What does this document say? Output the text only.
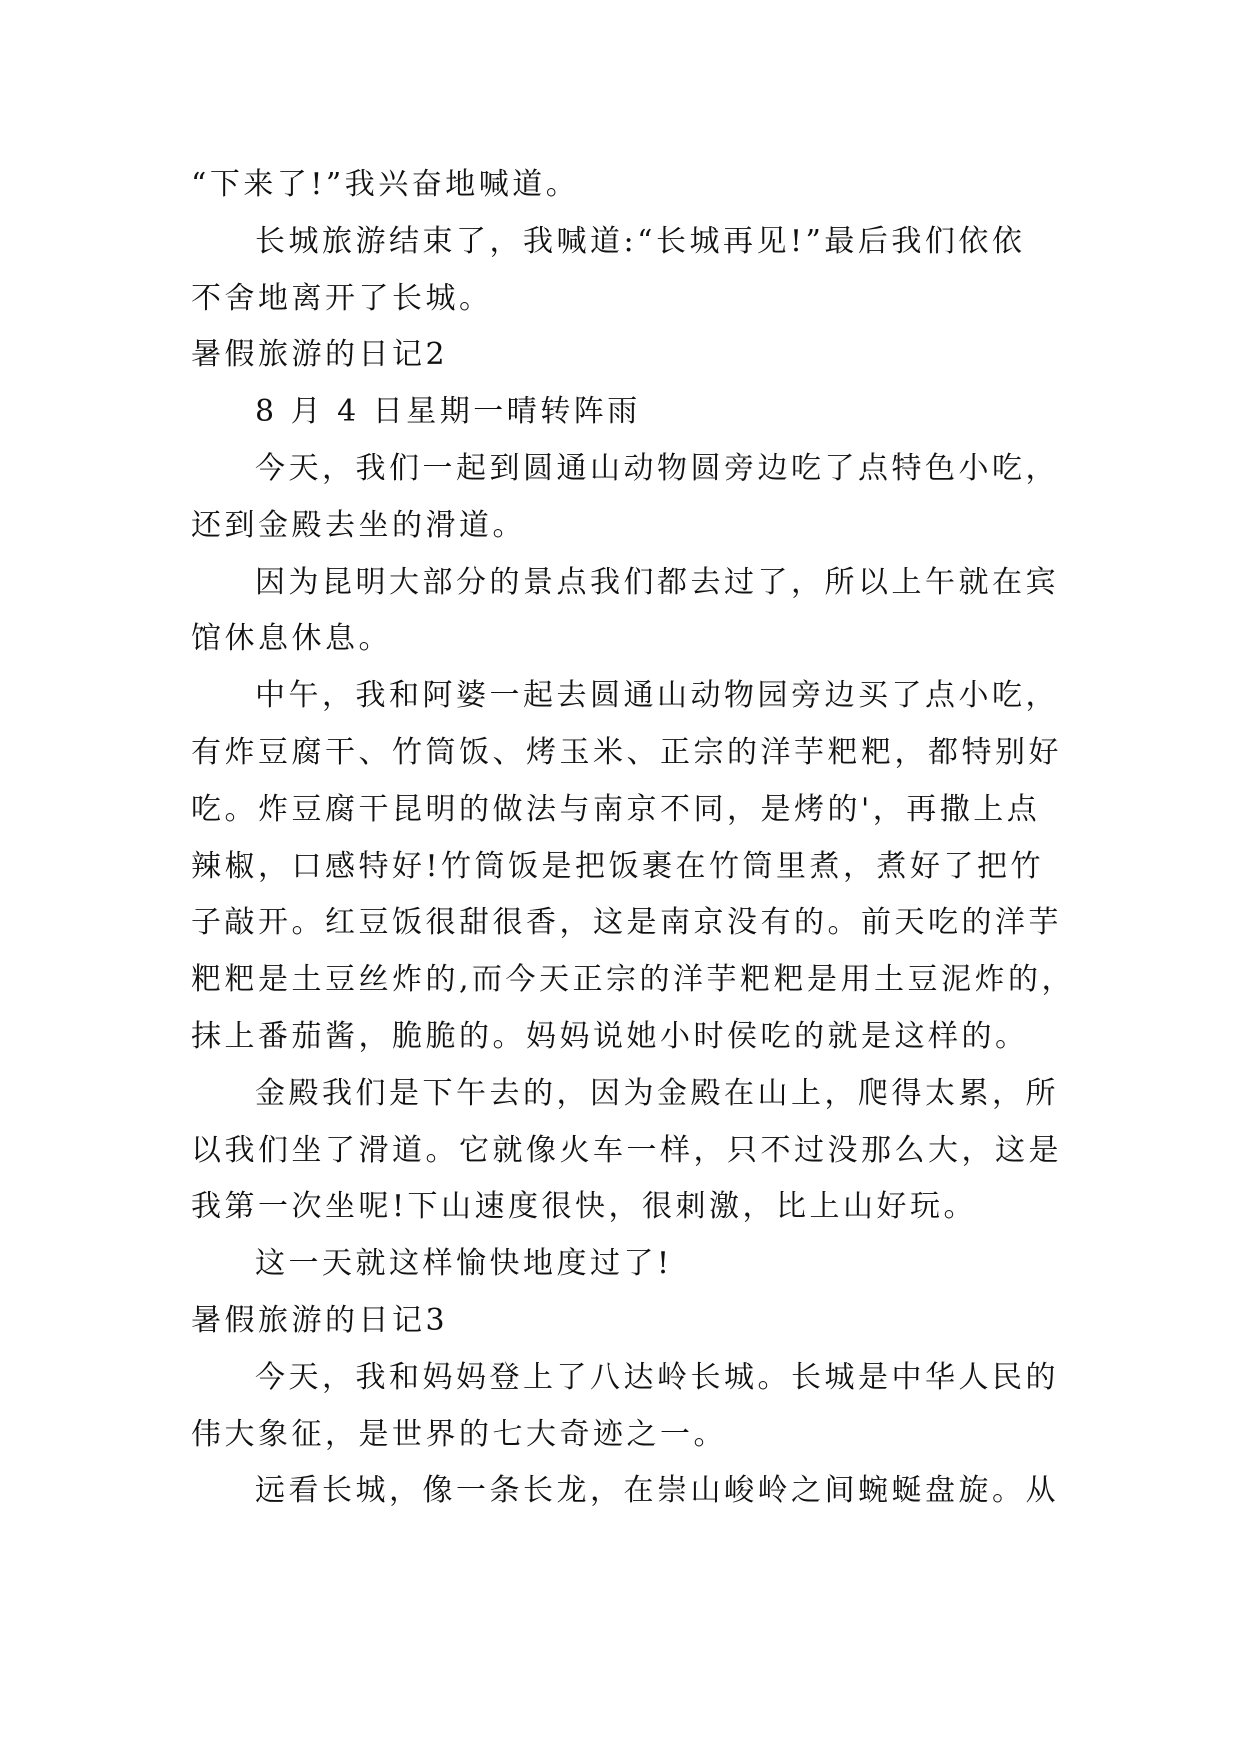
“下来了!”我兴奋地喊道。
长城旅游结束了，我喊道:“长城再见!”最后我们依依
不舍地离开了长城。
暑假旅游的日记2
8 月 4 日星期一晴转阵雨
今天，我们一起到圆通山动物圆旁边吃了点特色小吃，
还到金殿去坐的滑道。
因为昆明大部分的景点我们都去过了，所以上午就在宾
馆休息休息。
中午，我和阿婆一起去圆通山动物园旁边买了点小吃，
有炸豆腐干、竹筒饭、烤玉米、正宗的洋芋粑粑，都特别好
吃。炸豆腐干昆明的做法与南京不同，是烤的'，再撒上点
辣椒，口感特好!竹筒饭是把饭裹在竹筒里煮，煮好了把竹
子敲开。红豆饭很甜很香，这是南京没有的。前天吃的洋芋
粑粑是土豆丝炸的,而今天正宗的洋芋粑粑是用土豆泥炸的，
抹上番茄酱，脆脆的。妈妈说她小时侯吃的就是这样的。
金殿我们是下午去的，因为金殿在山上，爬得太累，所
以我们坐了滑道。它就像火车一样，只不过没那么大，这是
我第一次坐呢!下山速度很快，很刺激，比上山好玩。
这一天就这样愉快地度过了!
暑假旅游的日记3
今天，我和妈妈登上了八达岭长城。长城是中华人民的
伟大象征，是世界的七大奇迹之一。
远看长城，像一条长龙，在崇山峻岭之间蜿蜒盘旋。从
